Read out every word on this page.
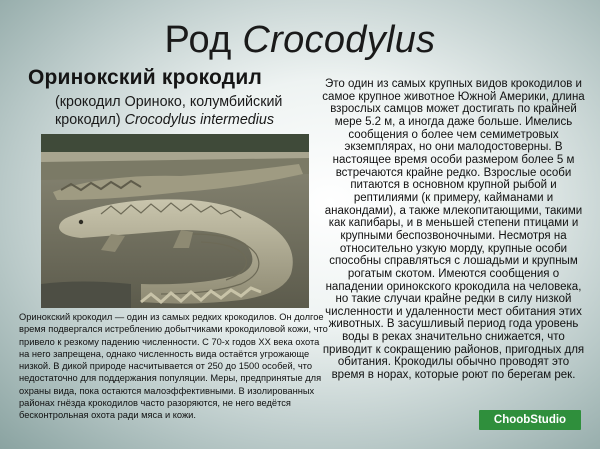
Род Crocodylus
Оринокский крокодил
(крокодил Ориноко, колумбийский крокодил) Crocodylus intermedius
Оринокский крокодил — один из самых редких крокодилов. Он долгое время подвергался истреблению добытчиками крокодиловой кожи, что привело к резкому падению численности. С 70-х годов XX века охота на него запрещена, однако численность вида остаётся угрожающе низкой. В дикой природе насчитывается от 250 до 1500 особей, что недостаточно для поддержания популяции. Меры, предпринятые для охраны вида, пока остаются малоэффективными. В изолированных районах гнёзда крокодилов часто разоряются, не него ведётся бесконтрольная охота ради мяса и кожи.
Это один из самых крупных видов крокодилов и самое крупное животное Южной Америки, длина взрослых самцов может достигать по крайней мере 5.2 м, а иногда даже больше. Имелись сообщения о более чем семиметровых экземплярах, но они малодостоверны. В настоящее время особи размером более 5 м встречаются крайне редко. Взрослые особи питаются в основном крупной рыбой и рептилиями (к примеру, кайманами и анакондами), а также млекопитающими, такими как капибары, и в меньшей степени птицами и крупными беспозвоночными. Несмотря на относительно узкую морду, крупные особи способны справляться с лошадьми и крупным рогатым скотом. Имеются сообщения о нападении оринокского крокодила на человека, но такие случаи крайне редки в силу низкой численности и удаленности мест обитания этих животных. В засушливый период года уровень воды в реках значительно снижается, что приводит к сокращению районов, пригодных для обитания. Крокодилы обычно проводят это время в норах, которые роют по берегам рек.
ChoobStudio
